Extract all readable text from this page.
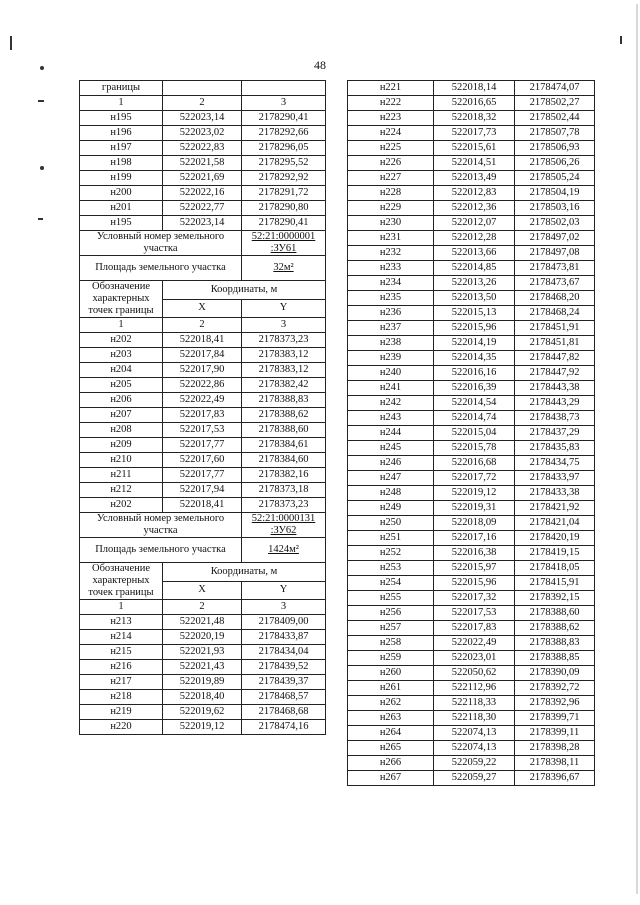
48
границы		
1	2	3
н195	522023,14	2178290,41
н196	522023,02	2178292,66
н197	522022,83	2178296,05
н198	522021,58	2178295,52
н199	522021,69	2178292,92
н200	522022,16	2178291,72
н201	522022,77	2178290,80
н195	522023,14	2178290,41
Условный номер земельного участка		52:21:0000001 :ЗУ61
Площадь земельного участка		32м²
Обозначение характерных точек границы	Координаты, м	
	X	Y
1	2	3
н202	522018,41	2178373,23
н203	522017,84	2178383,12
н204	522017,90	2178383,12
н205	522022,86	2178382,42
н206	522022,49	2178388,83
н207	522017,83	2178388,62
н208	522017,53	2178388,60
н209	522017,77	2178384,61
н210	522017,60	2178384,60
н211	522017,77	2178382,16
н212	522017,94	2178373,18
н202	522018,41	2178373,23
Условный номер земельного участка		52:21:0000131 :ЗУ62
Площадь земельного участка		1424м²
Обозначение характерных точек границы	Координаты, м	
	X	Y
1	2	3
н213	522021,48	2178409,00
н214	522020,19	2178433,87
н215	522021,93	2178434,04
н216	522021,43	2178439,52
н217	522019,89	2178439,37
н218	522018,40	2178468,57
н219	522019,62	2178468,68
н220	522019,12	2178474,16
н221	522018,14	2178474,07
н222	522016,65	2178502,27
н223	522018,32	2178502,44
н224	522017,73	2178507,78
н225	522015,61	2178506,93
н226	522014,51	2178506,26
н227	522013,49	2178505,24
н228	522012,83	2178504,19
н229	522012,36	2178503,16
н230	522012,07	2178502,03
н231	522012,28	2178497,02
н232	522013,66	2178497,08
н233	522014,85	2178473,81
н234	522013,26	2178473,67
н235	522013,50	2178468,20
н236	522015,13	2178468,24
н237	522015,96	2178451,91
н238	522014,19	2178451,81
н239	522014,35	2178447,82
н240	522016,16	2178447,92
н241	522016,39	2178443,38
н242	522014,54	2178443,29
н243	522014,74	2178438,73
н244	522015,04	2178437,29
н245	522015,78	2178435,83
н246	522016,68	2178434,75
н247	522017,72	2178433,97
н248	522019,12	2178433,38
н249	522019,31	2178421,92
н250	522018,09	2178421,04
н251	522017,16	2178420,19
н252	522016,38	2178419,15
н253	522015,97	2178418,05
н254	522015,96	2178415,91
н255	522017,32	2178392,15
н256	522017,53	2178388,60
н257	522017,83	2178388,62
н258	522022,49	2178388,83
н259	522023,01	2178388,85
н260	522050,62	2178390,09
н261	522112,96	2178392,72
н262	522118,33	2178392,96
н263	522118,30	2178399,71
н264	522074,13	2178399,11
н265	522074,13	2178398,28
н266	522059,22	2178398,11
н267	522059,27	2178396,67
